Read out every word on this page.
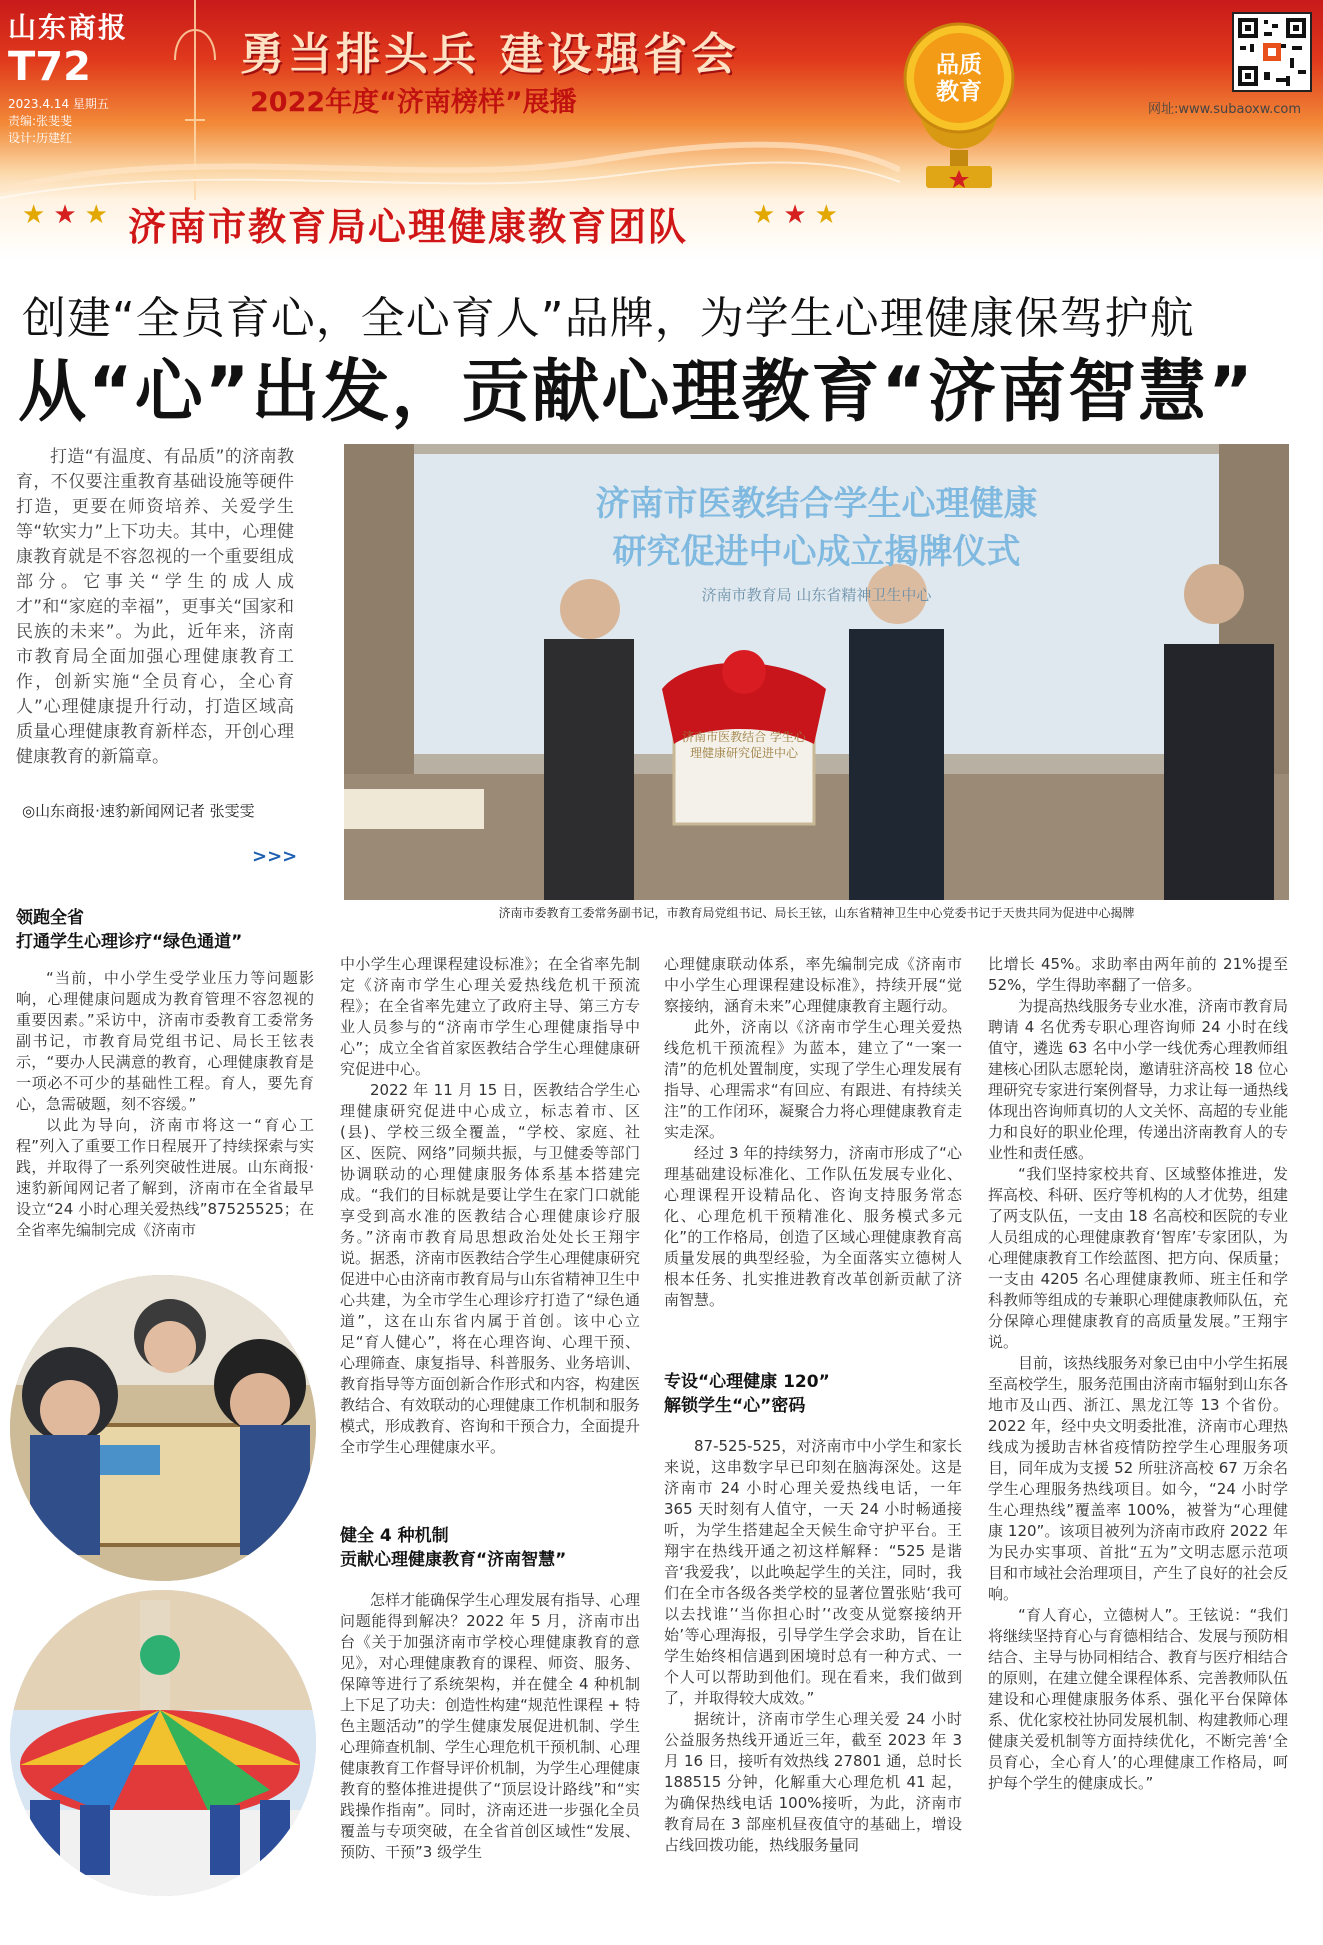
山东商报
T72
2023.4.14 星期五
责编:张斐斐
设计:历建红
勇当排头兵 建设强省会
2022年度“济南榜样”展播
品质教育
网址:www.subaoxw.com
★★★ 济南市教育局心理健康教育团队 ★★★
创建“全员育心，全心育人”品牌，为学生心理健康保驾护航
从“心”出发，贡献心理教育“济南智慧”

打造“有温度、有品质”的济南教育，不仅要注重教育基础设施等硬件打造，更要在师资培养、关爱学生等“软实力”上下功夫。其中，心理健康教育就是不容忽视的一个重要组成部分。它事关“学生的成人成才”和“家庭的幸福”，更事关“国家和民族的未来”。为此，近年来，济南市教育局全面加强心理健康教育工作，创新实施“全员育心，全心育人”心理健康提升行动，打造区域高质量心理健康教育新样态，开创心理健康教育的新篇章。

◎山东商报·速豹新闻网记者 张雯雯
>>>
济南市医教结合学生心理健康
研究促进中心成立揭牌仪式
济南市教育局 山东省精神卫生中心
济南市医教结合 学生心理健康研究促进中心
济南市委教育工委常务副书记，市教育局党组书记、局长王铉，山东省精神卫生中心党委书记于天贵共同为促进中心揭牌
领跑全省
打通学生心理诊疗“绿色通道”

“当前，中小学生受学业压力等问题影响，心理健康问题成为教育管理不容忽视的重要因素。”采访中，济南市委教育工委常务副书记，市教育局党组书记、局长王铉表示，“要办人民满意的教育，心理健康教育是一项必不可少的基础性工程。育人，要先育心，急需破题，刻不容缓。”

以此为导向，济南市将这一“育心工程”列入了重要工作日程展开了持续探索与实践，并取得了一系列突破性进展。山东商报·速豹新闻网记者了解到，济南市在全省最早设立“24 小时心理关爱热线”87525525；在全省率先编制完成《济南市

中小学生心理课程建设标准》；在全省率先制定《济南市学生心理关爱热线危机干预流程》；在全省率先建立了政府主导、第三方专业人员参与的“济南市学生心理健康指导中心”；成立全省首家医教结合学生心理健康研究促进中心。

2022 年 11 月 15 日，医教结合学生心理健康研究促进中心成立，标志着市、区(县)、学校三级全覆盖，“学校、家庭、社区、医院、网络”同频共振，与卫健委等部门协调联动的心理健康服务体系基本搭建完成。“我们的目标就是要让学生在家门口就能享受到高水准的医教结合心理健康诊疗服务。”济南市教育局思想政治处处长王翔宇说。据悉，济南市医教结合学生心理健康研究促进中心由济南市教育局与山东省精神卫生中心共建，为全市学生心理诊疗打造了“绿色通道”，这在山东省内属于首创。该中心立足“育人健心”，将在心理咨询、心理干预、心理筛查、康复指导、科普服务、业务培训、教育指导等方面创新合作形式和内容，构建医教结合、有效联动的心理健康工作机制和服务模式，形成教育、咨询和干预合力，全面提升全市学生心理健康水平。

健全 4 种机制
贡献心理健康教育“济南智慧”

怎样才能确保学生心理发展有指导、心理问题能得到解决？2022 年 5 月，济南市出台《关于加强济南市学校心理健康教育的意见》，对心理健康教育的课程、师资、服务、保障等进行了系统架构，并在健全 4 种机制上下足了功夫：创造性构建“规范性课程 + 特色主题活动”的学生健康发展促进机制、学生心理筛查机制、学生心理危机干预机制、心理健康教育工作督导评价机制，为学生心理健康教育的整体推进提供了“顶层设计路线”和“实践操作指南”。同时，济南还进一步强化全员覆盖与专项突破，在全省首创区域性“发展、预防、干预”3 级学生

心理健康联动体系，率先编制完成《济南市中小学生心理课程建设标准》，持续开展“觉察接纳，涵育未来”心理健康教育主题行动。

此外，济南以《济南市学生心理关爱热线危机干预流程》为蓝本，建立了“一案一清”的危机处置制度，实现了学生心理发展有指导、心理需求“有回应、有跟进、有持续关注”的工作闭环，凝聚合力将心理健康教育走实走深。

经过 3 年的持续努力，济南市形成了“心理基础建设标准化、工作队伍发展专业化、心理课程开设精品化、咨询支持服务常态化、心理危机干预精准化、服务模式多元化”的工作格局，创造了区域心理健康教育高质量发展的典型经验，为全面落实立德树人根本任务、扎实推进教育改革创新贡献了济南智慧。

专设“心理健康 120”
解锁学生“心”密码

87-525-525，对济南市中小学生和家长来说，这串数字早已印刻在脑海深处。这是济南市 24 小时心理关爱热线电话，一年 365 天时刻有人值守，一天 24 小时畅通接听，为学生搭建起全天候生命守护平台。王翔宇在热线开通之初这样解释：“525 是谐音‘我爱我’，以此唤起学生的关注，同时，我们在全市各级各类学校的显著位置张贴‘我可以去找谁’‘当你担心时’‘改变从觉察接纳开始’等心理海报，引导学生学会求助，旨在让学生始终相信遇到困境时总有一种方式、一个人可以帮助到他们。现在看来，我们做到了，并取得较大成效。”

据统计，济南市学生心理关爱 24 小时公益服务热线开通近三年，截至 2023 年 3 月 16 日，接听有效热线 27801 通，总时长 188515 分钟，化解重大心理危机 41 起，为确保热线电话 100%接听，为此，济南市教育局在 3 部座机昼夜值守的基础上，增设占线回拨功能，热线服务量同

比增长 45%。求助率由两年前的 21%提至 52%，学生得助率翻了一倍多。

为提高热线服务专业水准，济南市教育局聘请 4 名优秀专职心理咨询师 24 小时在线值守，遴选 63 名中小学一线优秀心理教师组建核心团队志愿轮岗，邀请驻济高校 18 位心理研究专家进行案例督导，力求让每一通热线体现出咨询师真切的人文关怀、高超的专业能力和良好的职业伦理，传递出济南教育人的专业性和责任感。

“我们坚持家校共育、区域整体推进，发挥高校、科研、医疗等机构的人才优势，组建了两支队伍，一支由 18 名高校和医院的专业人员组成的心理健康教育‘智库’专家团队，为心理健康教育工作绘蓝图、把方向、保质量；一支由 4205 名心理健康教师、班主任和学科教师等组成的专兼职心理健康教师队伍，充分保障心理健康教育的高质量发展。”王翔宇说。

目前，该热线服务对象已由中小学生拓展至高校学生，服务范围由济南市辐射到山东各地市及山西、浙江、黑龙江等 13 个省份。2022 年，经中央文明委批准，济南市心理热线成为援助吉林省疫情防控学生心理服务项目，同年成为支援 52 所驻济高校 67 万余名学生心理服务热线项目。如今，“24 小时学生心理热线”覆盖率 100%，被誉为“心理健康 120”。该项目被列为济南市政府 2022 年为民办实事项、首批“五为”文明志愿示范项目和市域社会治理项目，产生了良好的社会反响。

“育人育心，立德树人”。王铉说：“我们将继续坚持育心与育德相结合、发展与预防相结合、主导与协同相结合、教育与医疗相结合的原则，在建立健全课程体系、完善教师队伍建设和心理健康服务体系、强化平台保障体系、优化家校社协同发展机制、构建教师心理健康关爱机制等方面持续优化，不断完善‘全员育心，全心育人’的心理健康工作格局，呵护每个学生的健康成长。”
